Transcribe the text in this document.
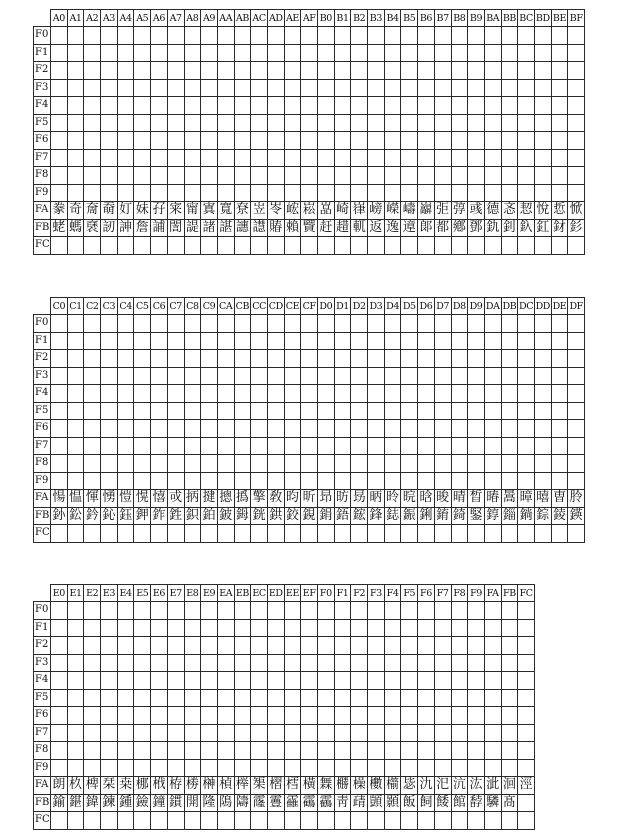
	A0	A1	A2	A3	A4	A5	A6	A7	A8	A9	AA	AB	AC	AD	AE	AF	B0	B1	B2	B3	B4	B5	B6	B7	B8	B9	BA	BB	BC	BD	BE	BF
F0																																
F1																																
F2																																
F3																																
F4																																
F5																																
F6																																
F7																																
F8																																
F9																																
FA	豢	奇	奝	奣	奵	妹	孖	宷	甯	寘	寬	尞	岦	岺	峵	崧	嵓	崎	嵂	嵭	嶸	嶹	巐	弡	弴	彧	德	忞	恝	悅	悊	惞
FB	蛯	螞	褎	訒	訷	詹	誧	誾	諟	諸	諶	譓	譿	賰	賴	贒	赶	趞	軏	返	逸	遧	郞	都	鄕	鄧	釚	釗	釞	釭	釮	釤
FC																																
	C0	C1	C2	C3	C4	C5	C6	C7	C8	C9	CA	CB	CC	CD	CE	CF	D0	D1	D2	D3	D4	D5	D6	D7	D8	D9	DA	DB	DC	DD	DE	DF
F0																																
F1																																
F2																																
F3																																
F4																																
F5																																
F6																																
F7																																
F8																																
F9																																
FA	愓	愠	惲	愑	愷	愰	憘	戓	抦	揵	摠	撝	擎	敎	昀	昕	昻	昉	昮	昞	昤	晥	晗	晙	晴	晳	暙	暠	暲	暿	曺	朎
FB	釥	鈆	鈐	鈊	鈺	鉀	鈼	鉎	鉙	鉑	鈹	鉧	銧	鉷	鉸	鋧	鋗	鋙	鋐	鋒	鋕	鋠	鋓	錥	錡	鋻	錞	錙	鋿	錝	錂	鍈
FC																																
	E0	E1	E2	E3	E4	E5	E6	E7	E8	E9	EA	EB	EC	ED	EE	EF	F0	F1	F2	F3	F4	F5	F6	F7	F8	F9	FA	FB	FC
F0																													
F1																													
F2																													
F3																													
F4																													
F5																													
F6																													
F7																													
F8																													
F9																													
FA	朗	杦	椑	栞	桒	梛	栰	栫	椦	榊	楨	榉	榘	槢	樰	橫	橆	橳	橾	櫢	櫤	毖	氿	汜	沆	汯	泚	洄	涇
FB	鍮	鍖	鍏	鍊	鍾	鐱	鐘	鏆	開	隆	隝	隯	霳	霻	靃	靍	靏	靑	靕	顗	顥	飯	飼	餧	館	馞	驎	髙	
FC																													
